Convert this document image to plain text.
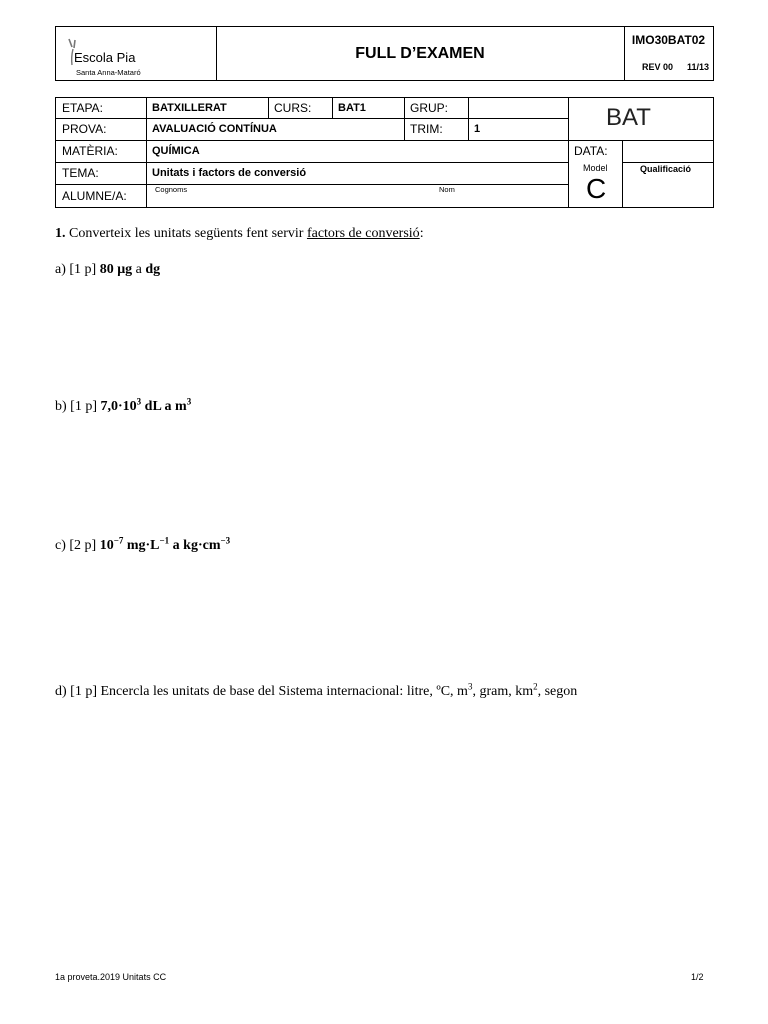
Escola Pia
Santa Anna-Mataró
FULL D’EXAMEN
IMO30BAT02
REV 00 11/13
ETAPA:	BATXILLERAT	CURS:	BAT1	GRUP:
PROVA:	AVALUACIÓ CONTÍNUA	TRIM:	1	BAT
MATÈRIA:	QUÍMICA	DATA:
TEMA:	Unitats i factors de conversió
ALUMNE/A:	Cognoms	Nom
Model
C
Qualificació
1. Converteix les unitats següents fent servir factors de conversió:
a) [1 p] 80 μg a dg
b) [1 p] $7,0\cdot 10^3$ dL a $m^3$
c) [2 p] $10^{-7}$ $mg\cdot L^{-1}$ a $kg\cdot cm^{-3}$
d) [1 p] Encercla les unitats de base del Sistema internacional: litre, ºC, $m^3$, gram, $km^2$, segon
1a proveta.2019 Unitats CC	1/2
